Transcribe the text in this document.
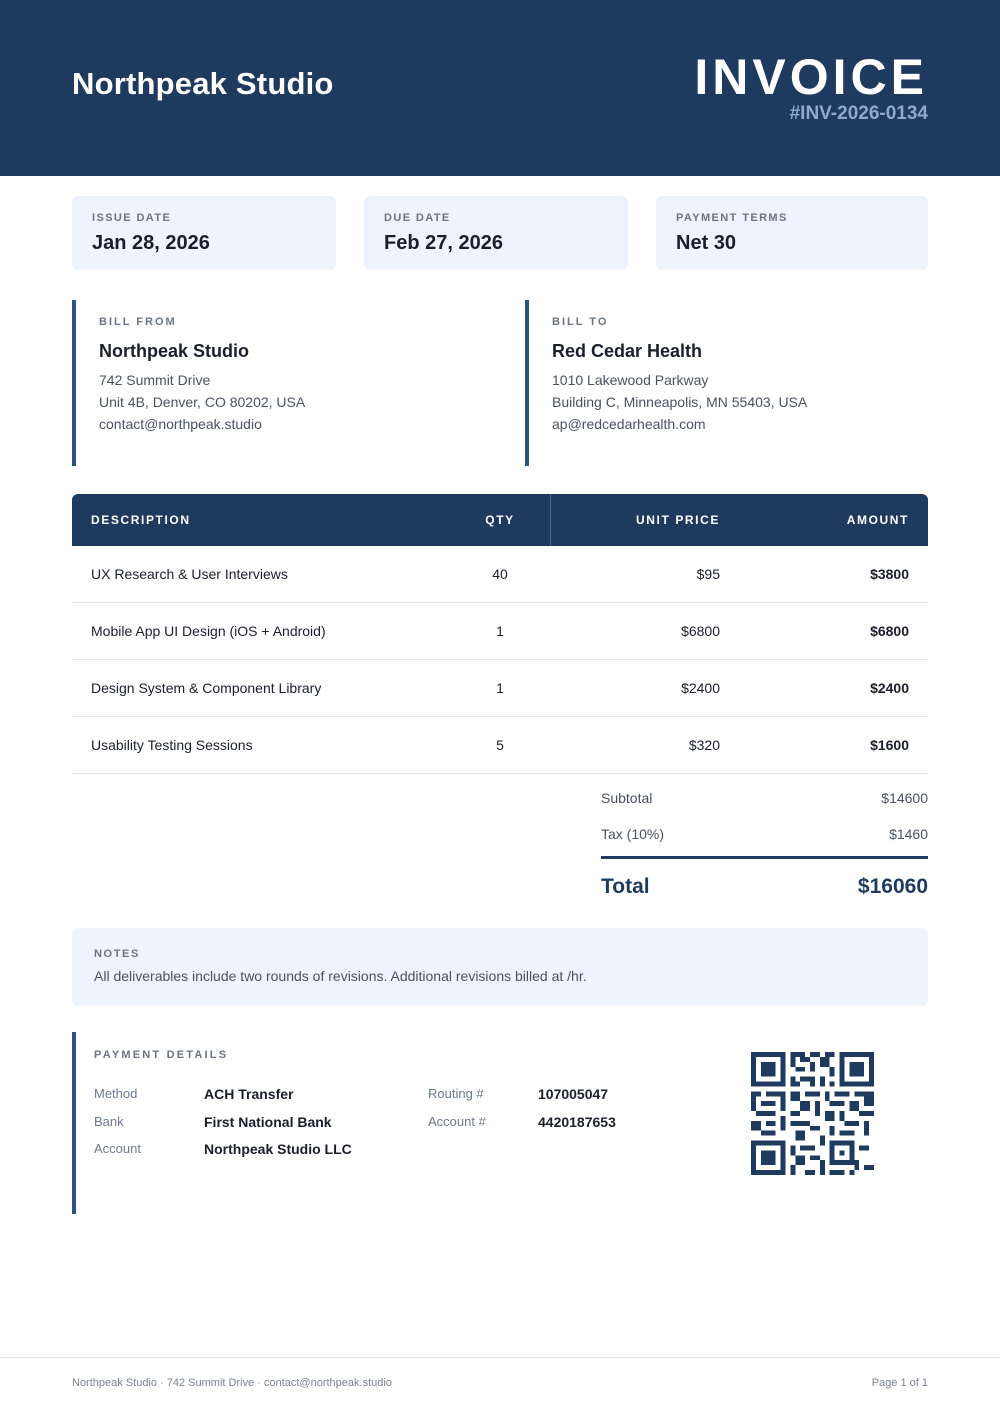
Northpeak Studio	INVOICE
#INV-2026-0134
ISSUE DATE
Jan 28, 2026
DUE DATE
Feb 27, 2026
PAYMENT TERMS
Net 30
BILL FROM
Northpeak Studio
742 Summit Drive
Unit 4B, Denver, CO 80202, USA
contact@northpeak.studio
BILL TO
Red Cedar Health
1010 Lakewood Parkway
Building C, Minneapolis, MN 55403, USA
ap@redcedarhealth.com
DESCRIPTION	QTY	UNIT PRICE	AMOUNT
UX Research & User Interviews	40	$95	$3800
Mobile App UI Design (iOS + Android)	1	$6800	$6800
Design System & Component Library	1	$2400	$2400
Usability Testing Sessions	5	$320	$1600
Subtotal	$14600
Tax (10%)	$1460
Total	$16060
NOTES
All deliverables include two rounds of revisions. Additional revisions billed at /hr.
PAYMENT DETAILS
Method	ACH Transfer
Bank	First National Bank
Account	Northpeak Studio LLC
Routing #	107005047
Account #	4420187653
Northpeak Studio · 742 Summit Drive · contact@northpeak.studio	Page 1 of 1
